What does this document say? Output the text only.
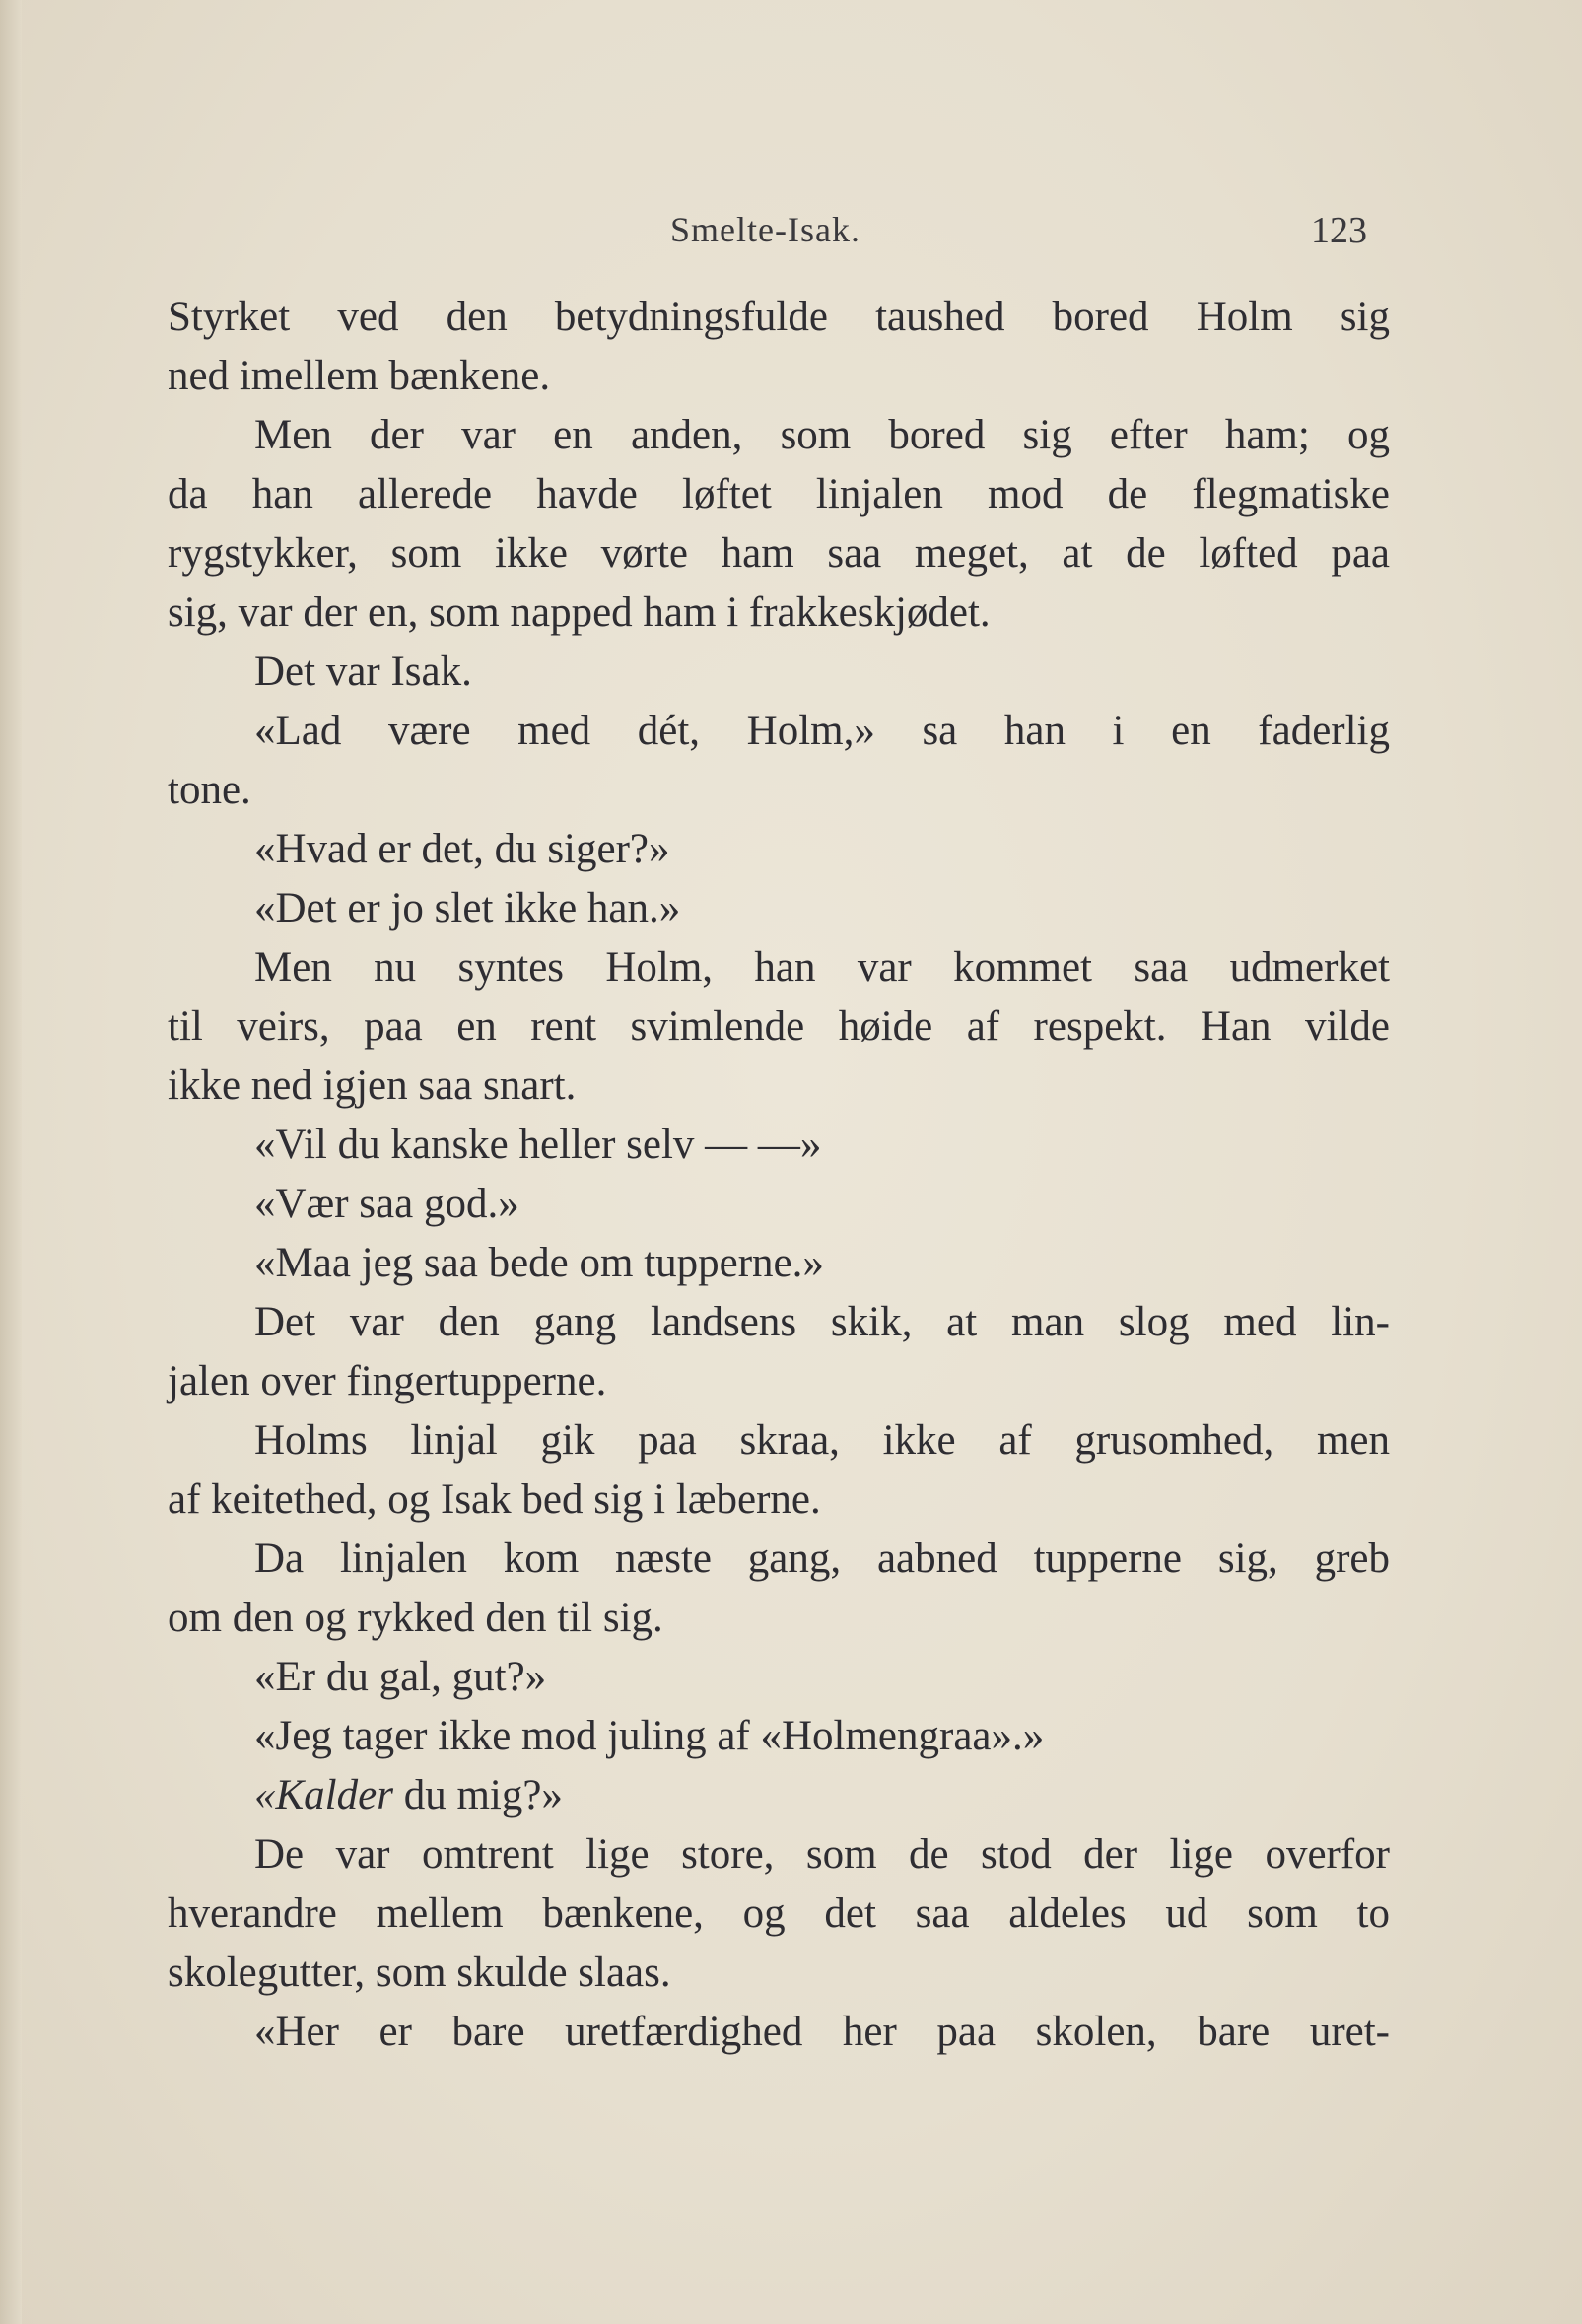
Smelte-Isak.	123
Styrket ved den betydningsfulde taushed bored Holm sig
ned imellem bænkene.
Men der var en anden, som bored sig efter ham; og
da han allerede havde løftet linjalen mod de flegmatiske
rygstykker, som ikke vørte ham saa meget, at de løfted paa
sig, var der en, som napped ham i frakkeskjødet.
Det var Isak.
«Lad være med dét, Holm,» sa han i en faderlig
tone.
«Hvad er det, du siger?»
«Det er jo slet ikke han.»
Men nu syntes Holm, han var kommet saa udmerket
til veirs, paa en rent svimlende høide af respekt. Han vilde
ikke ned igjen saa snart.
«Vil du kanske heller selv — —»
«Vær saa god.»
«Maa jeg saa bede om tupperne.»
Det var den gang landsens skik, at man slog med lin-
jalen over fingertupperne.
Holms linjal gik paa skraa, ikke af grusomhed, men
af keitethed, og Isak bed sig i læberne.
Da linjalen kom næste gang, aabned tupperne sig, greb
om den og rykked den til sig.
«Er du gal, gut?»
«Jeg tager ikke mod juling af «Holmengraa».»
«Kalder du mig?»
De var omtrent lige store, som de stod der lige overfor
hverandre mellem bænkene, og det saa aldeles ud som to
skolegutter, som skulde slaas.
«Her er bare uretfærdighed her paa skolen, bare uret-
